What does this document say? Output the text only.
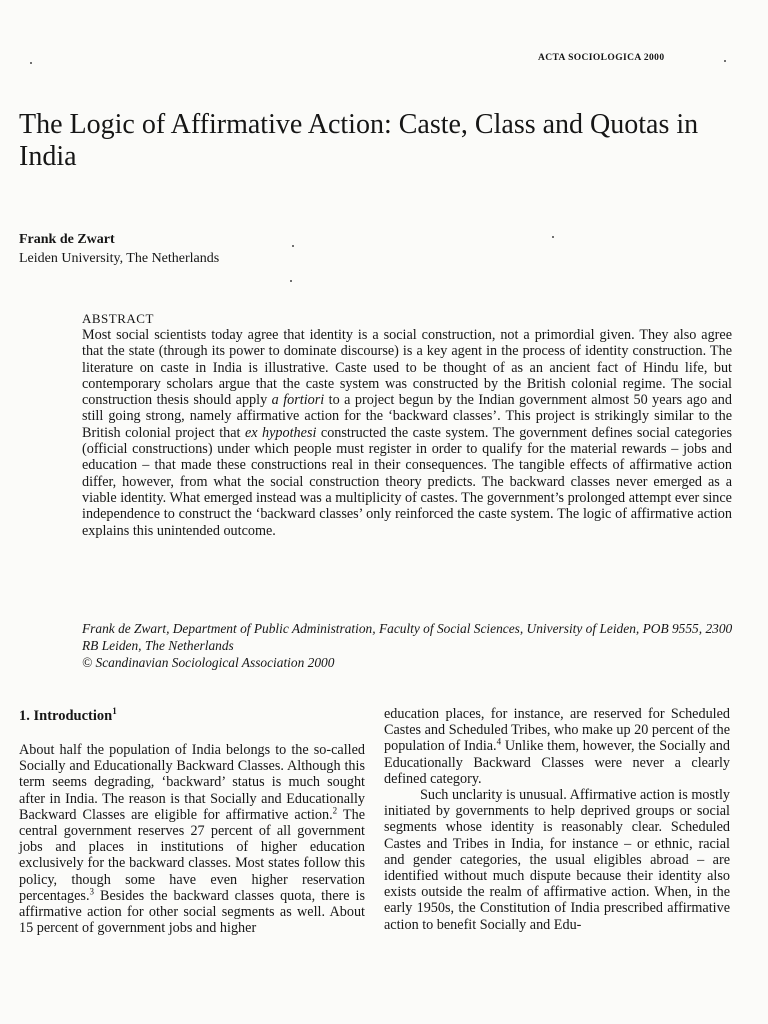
ACTA SOCIOLOGICA 2000
The Logic of Affirmative Action: Caste, Class and Quotas in India
Frank de Zwart
Leiden University, The Netherlands
ABSTRACT

Most social scientists today agree that identity is a social construction, not a primordial given. They also agree that the state (through its power to dominate discourse) is a key agent in the process of identity construction. The literature on caste in India is illustrative. Caste used to be thought of as an ancient fact of Hindu life, but contemporary scholars argue that the caste system was constructed by the British colonial regime. The social construction thesis should apply a fortiori to a project begun by the Indian government almost 50 years ago and still going strong, namely affirmative action for the ‘backward classes’. This project is strikingly similar to the British colonial project that ex hypothesi constructed the caste system. The government defines social categories (official constructions) under which people must register in order to qualify for the material rewards – jobs and education – that made these constructions real in their consequences. The tangible effects of affirmative action differ, however, from what the social construction theory predicts. The backward classes never emerged as a viable identity. What emerged instead was a multiplicity of castes. The government’s prolonged attempt ever since independence to construct the ‘backward classes’ only reinforced the caste system. The logic of affirmative action explains this unintended outcome.

Frank de Zwart, Department of Public Administration, Faculty of Social Sciences, University of Leiden, POB 9555, 2300 RB Leiden, The Netherlands
© Scandinavian Sociological Association 2000
1. Introduction$^1$

About half the population of India belongs to the so-called Socially and Educationally Backward Classes. Although this term seems degrading, ‘backward’ status is much sought after in India. The reason is that Socially and Educationally Backward Classes are eligible for affirmative action.$^2$ The central government reserves 27 percent of all government jobs and places in institutions of higher education exclusively for the backward classes. Most states follow this policy, though some have even higher reservation percentages.$^3$ Besides the backward classes quota, there is affirmative action for other social segments as well. About 15 percent of government jobs and higher

education places, for instance, are reserved for Scheduled Castes and Scheduled Tribes, who make up 20 percent of the population of India.$^4$ Unlike them, however, the Socially and Educationally Backward Classes were never a clearly defined category.

Such unclarity is unusual. Affirmative action is mostly initiated by governments to help deprived groups or social segments whose identity is reasonably clear. Scheduled Castes and Tribes in India, for instance – or ethnic, racial and gender categories, the usual eligibles abroad – are identified without much dispute because their identity also exists outside the realm of affirmative action. When, in the early 1950s, the Constitution of India prescribed affirmative action to benefit Socially and Edu-
